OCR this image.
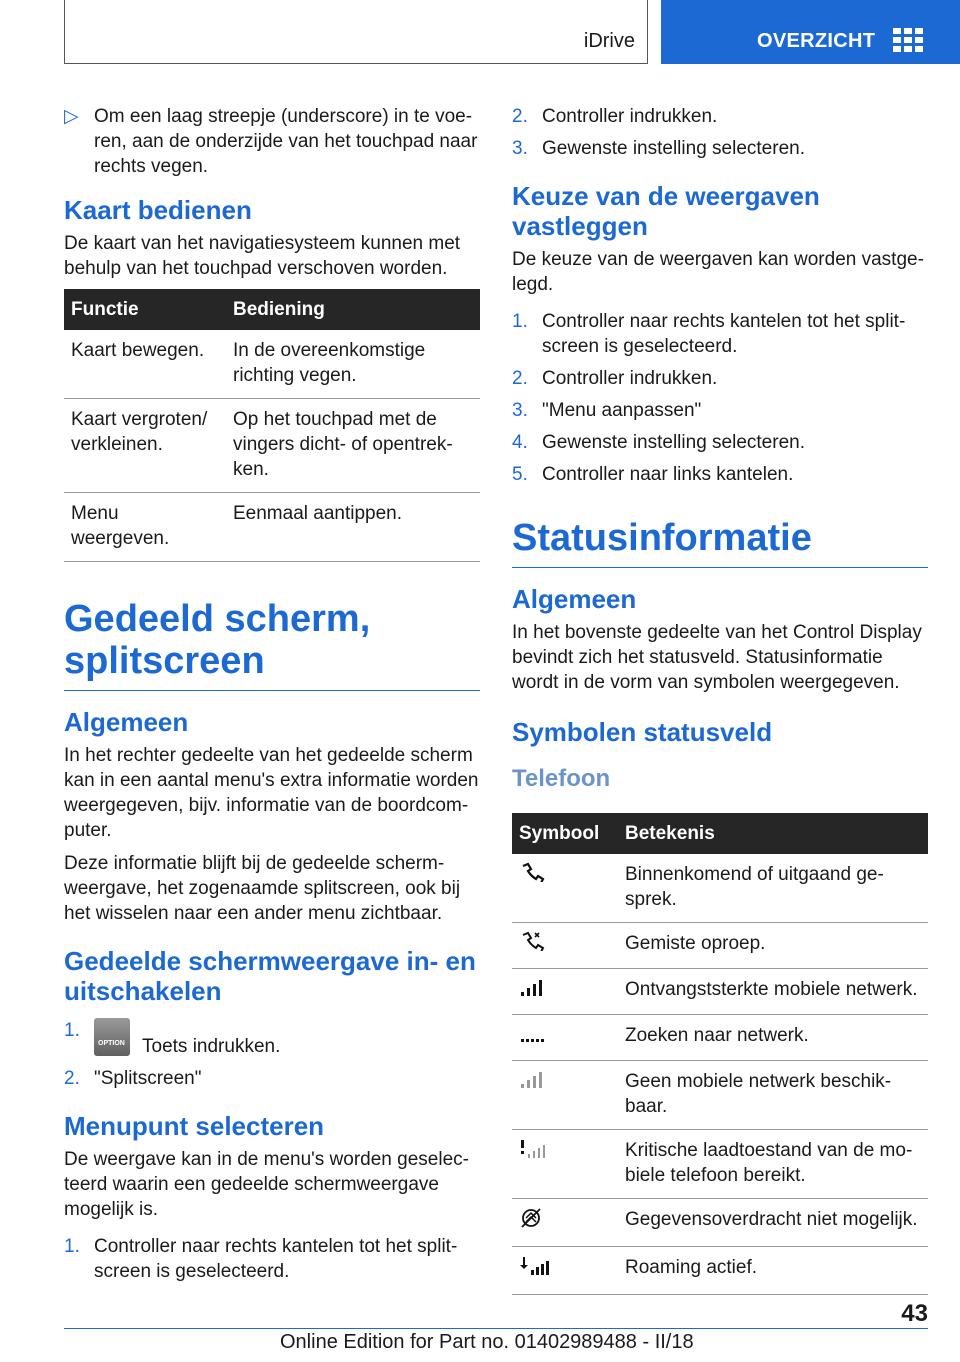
iDrive	OVERZICHT
▷ Om een laag streepje (underscore) in te voe-ren, aan de onderzijde van het touchpad naar rechts vegen.
Kaart bedienen

De kaart van het navigatiesysteem kunnen met behulp van het touchpad verschoven worden.

Functie	Bediening
Kaart bewegen.	In de overeenkomstige richting vegen.
Kaart vergroten/ verkleinen.	Op het touchpad met de vingers dicht- of opentrek-ken.
Menu weergeven.	Eenmaal aantippen.
Gedeeld scherm, splitscreen
Algemeen

In het rechter gedeelte van het gedeelde scherm kan in een aantal menu's extra informatie worden weergegeven, bijv. informatie van de boordcom-puter.

Deze informatie blijft bij de gedeelde scherm-weergave, het zogenaamde splitscreen, ook bij het wisselen naar een ander menu zichtbaar.

Gedeelde schermweergave in- en uitschakelen
1.
OPTION Toets indrukken.
2. "Splitscreen"
Menupunt selecteren

De weergave kan in de menu's worden geselec-teerd waarin een gedeelde schermweergave mogelijk is.

1. Controller naar rechts kantelen tot het split-screen is geselecteerd.
2. Controller indrukken.
3. Gewenste instelling selecteren.
Keuze van de weergaven vastleggen

De keuze van de weergaven kan worden vastge-legd.

1. Controller naar rechts kantelen tot het split-screen is geselecteerd.
2. Controller indrukken.
3. "Menu aanpassen"
4. Gewenste instelling selecteren.
5. Controller naar links kantelen.
Statusinformatie
Algemeen

In het bovenste gedeelte van het Control Display bevindt zich het statusveld. Statusinformatie wordt in de vorm van symbolen weergegeven.

Symbolen statusveld
Telefoon
Symbool	Betekenis
	Binnenkomend of uitgaand ge-sprek.
	Gemiste oproep.
	Ontvangststerkte mobiele netwerk.
	Zoeken naar netwerk.
	Geen mobiele netwerk beschik-baar.
	Kritische laadtoestand van de mo-biele telefoon bereikt.
	Gegevensoverdracht niet mogelijk.
	Roaming actief.
43
Online Edition for Part no. 01402989488 - II/18
